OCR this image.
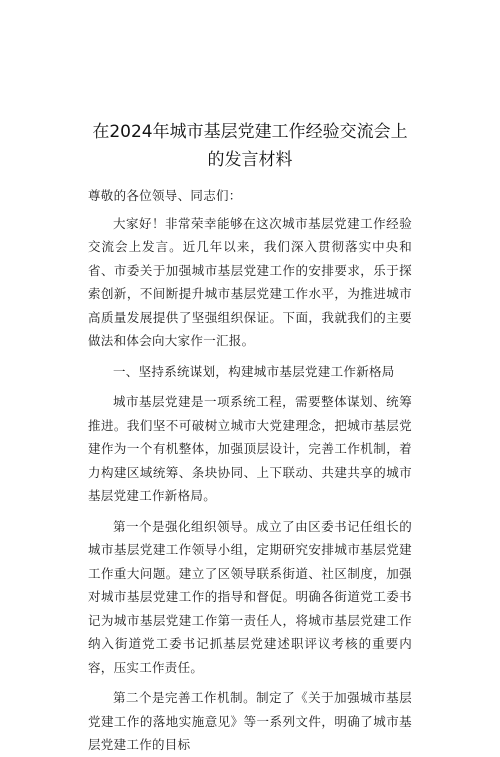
在2024年城市基层党建工作经验交流会上的发言材料

尊敬的各位领导、同志们：

大家好！非常荣幸能够在这次城市基层党建工作经验交流会上发言。近几年以来，我们深入贯彻落实中央和省、市委关于加强城市基层党建工作的安排要求，乐于探索创新，不间断提升城市基层党建工作水平，为推进城市高质量发展提供了坚强组织保证。下面，我就我们的主要做法和体会向大家作一汇报。

一、坚持系统谋划，构建城市基层党建工作新格局

城市基层党建是一项系统工程，需要整体谋划、统筹推进。我们坚不可破树立城市大党建理念，把城市基层党建作为一个有机整体，加强顶层设计，完善工作机制，着力构建区域统筹、条块协同、上下联动、共建共享的城市基层党建工作新格局。

第一个是强化组织领导。成立了由区委书记任组长的城市基层党建工作领导小组，定期研究安排城市基层党建工作重大问题。建立了区领导联系街道、社区制度，加强对城市基层党建工作的指导和督促。明确各街道党工委书记为城市基层党建工作第一责任人，将城市基层党建工作纳入街道党工委书记抓基层党建述职评议考核的重要内容，压实工作责任。

第二个是完善工作机制。制定了《关于加强城市基层党建工作的落地实施意见》等一系列文件，明确了城市基层党建工作的目标
